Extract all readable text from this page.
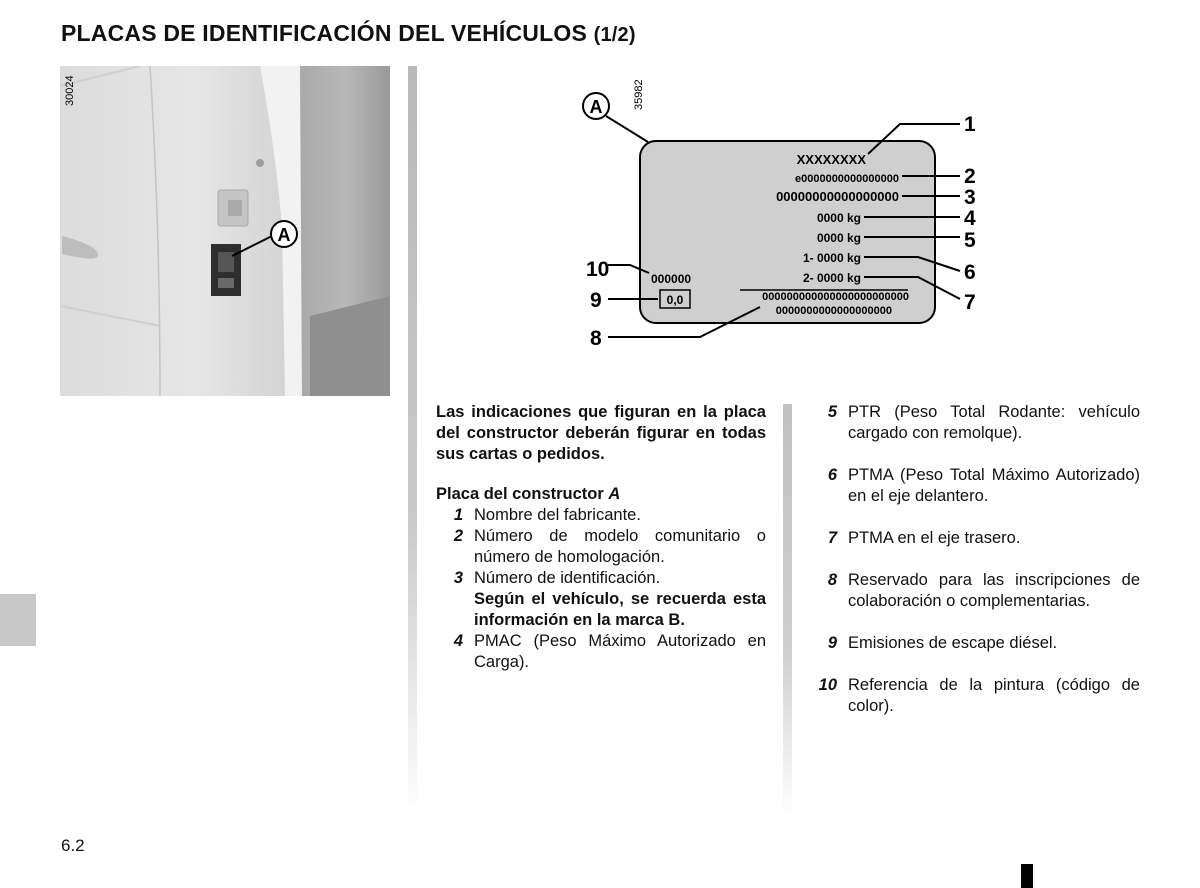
PLACAS DE IDENTIFICACIÓN DEL VEHÍCULOS (1/2)
A
30024	35982
A
XXXXXXXX
e0000000000000000
00000000000000000
0000 kg
0000 kg
1- 0000 kg
2- 0000 kg
000000000000000000000000
0000000000000000000
000000
0,0
1
2
3
4
5
6
7
8
9
10

Las indicaciones que figuran en la placa del constructor deberán figurar en todas sus cartas o pedidos.

Placa del constructor A

1 Nombre del fabricante.
2 Número de modelo comunitario o número de homologación.
3 Número de identificación.
Según el vehículo, se recuerda esta información en la marca B.
4 PMAC (Peso Máximo Autorizado en Carga).
5 PTR (Peso Total Rodante: vehículo cargado con remolque).
6 PTMA (Peso Total Máximo Autorizado) en el eje delantero.
7 PTMA en el eje trasero.
8 Reservado para las inscripciones de colaboración o complementarias.
9 Emisiones de escape diésel.
10 Referencia de la pintura (código de color).
6.2
